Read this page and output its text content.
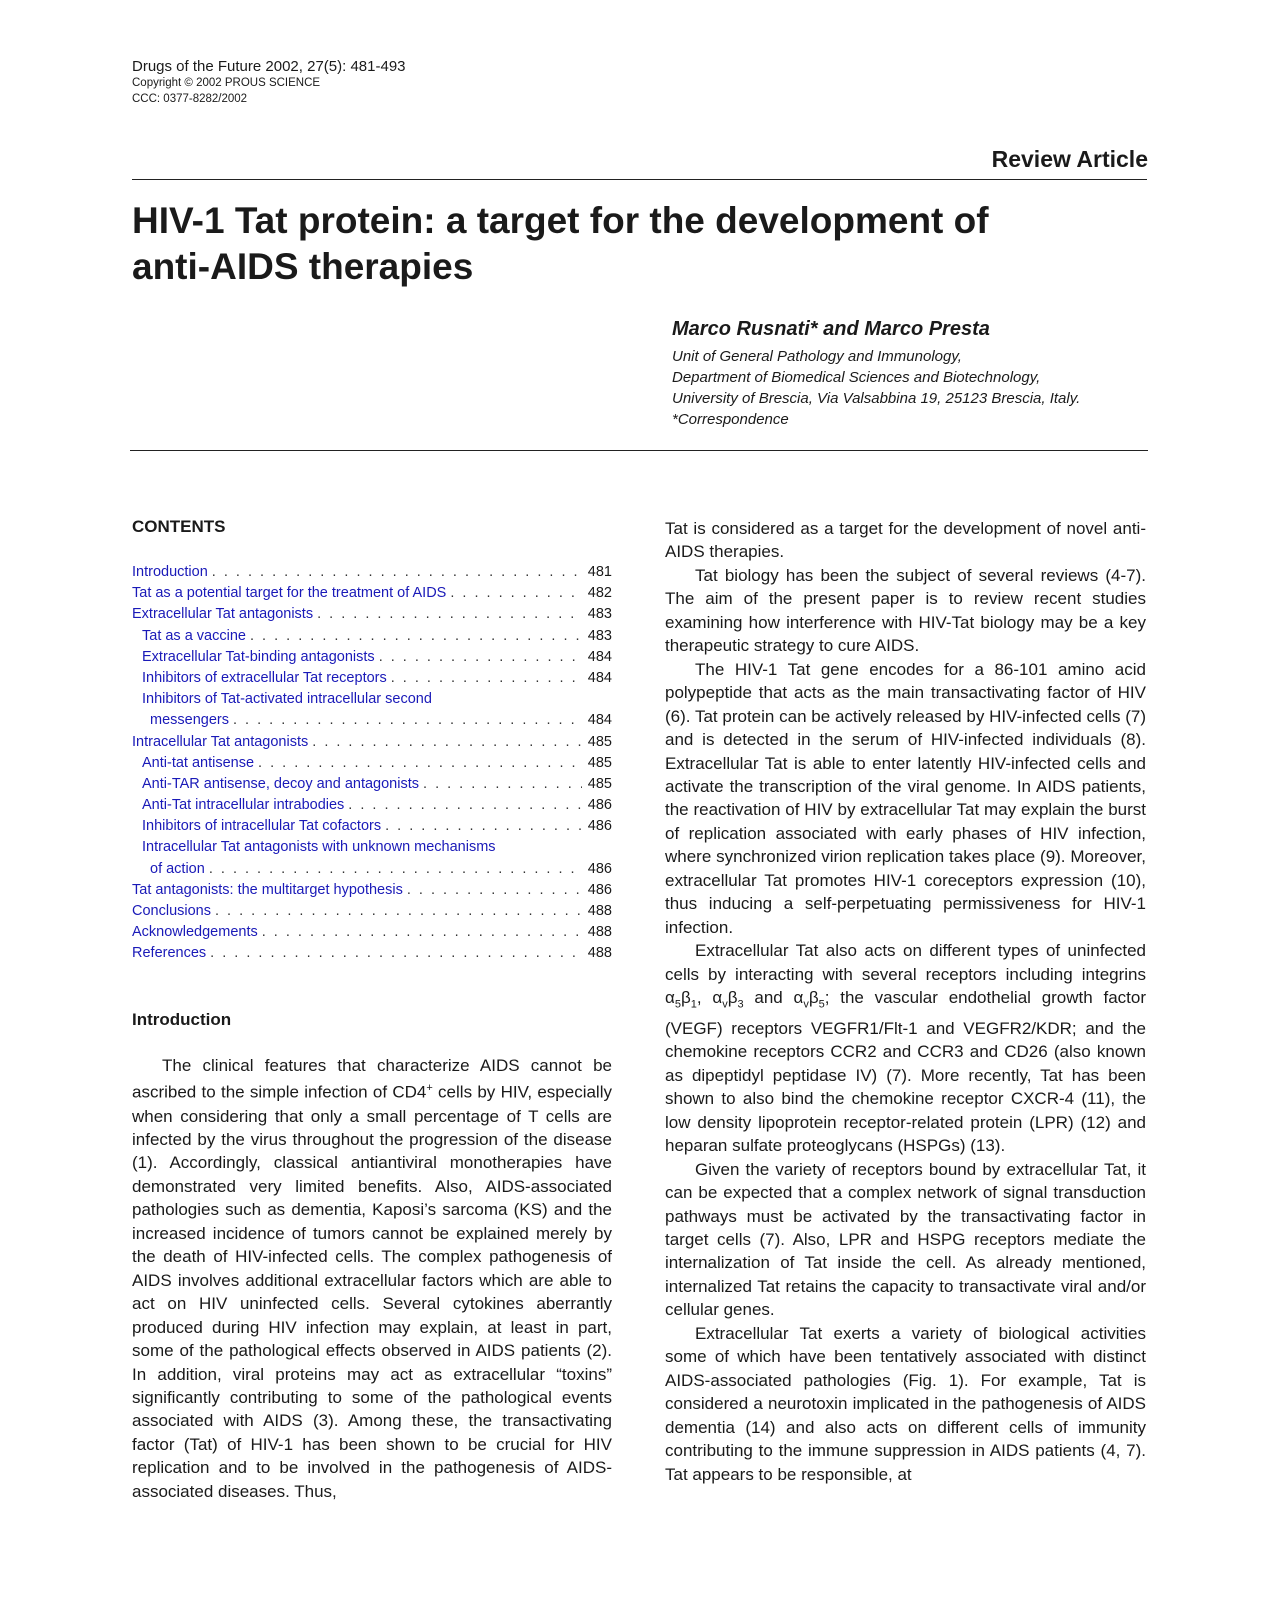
Drugs of the Future 2002, 27(5): 481-493
Copyright © 2002 PROUS SCIENCE
CCC: 0377-8282/2002
Review Article
HIV-1 Tat protein: a target for the development of anti-AIDS therapies
Marco Rusnati* and Marco Presta
Unit of General Pathology and Immunology,
Department of Biomedical Sciences and Biotechnology,
University of Brescia, Via Valsabbina 19, 25123 Brescia, Italy.
*Correspondence
CONTENTS
Introduction . . .	481
Tat as a potential target for the treatment of AIDS . . .	482
Extracellular Tat antagonists . . .	483
Tat as a vaccine . . .	483
Extracellular Tat-binding antagonists . . .	484
Inhibitors of extracellular Tat receptors . . .	484
Inhibitors of Tat-activated intracellular second
messengers . . .	484
Intracellular Tat antagonists . . .	485
Anti-tat antisense . . .	485
Anti-TAR antisense, decoy and antagonists . . .	485
Anti-Tat intracellular intrabodies . . .	486
Inhibitors of intracellular Tat cofactors . . .	486
Intracellular Tat antagonists with unknown mechanisms
of action . . .	486
Tat antagonists: the multitarget hypothesis . . .	486
Conclusions . . .	488
Acknowledgements . . .	488
References . . .	488
Introduction

The clinical features that characterize AIDS cannot be ascribed to the simple infection of CD4+ cells by HIV, especially when considering that only a small percentage of T cells are infected by the virus throughout the progression of the disease (1). Accordingly, classical antiantiviral monotherapies have demonstrated very limited benefits. Also, AIDS-associated pathologies such as dementia, Kaposi’s sarcoma (KS) and the increased incidence of tumors cannot be explained merely by the death of HIV-infected cells. The complex pathogenesis of AIDS involves additional extracellular factors which are able to act on HIV uninfected cells. Several cytokines aberrantly produced during HIV infection may explain, at least in part, some of the pathological effects observed in AIDS patients (2). In addition, viral proteins may act as extracellular “toxins” significantly contributing to some of the pathological events associated with AIDS (3). Among these, the transactivating factor (Tat) of HIV-1 has been shown to be crucial for HIV replication and to be involved in the pathogenesis of AIDS-associated diseases. Thus,

Tat is considered as a target for the development of novel anti-AIDS therapies.

Tat biology has been the subject of several reviews (4-7). The aim of the present paper is to review recent studies examining how interference with HIV-Tat biology may be a key therapeutic strategy to cure AIDS.

The HIV-1 Tat gene encodes for a 86-101 amino acid polypeptide that acts as the main transactivating factor of HIV (6). Tat protein can be actively released by HIV-infected cells (7) and is detected in the serum of HIV-infected individuals (8). Extracellular Tat is able to enter latently HIV-infected cells and activate the transcription of the viral genome. In AIDS patients, the reactivation of HIV by extracellular Tat may explain the burst of replication associated with early phases of HIV infection, where synchronized virion replication takes place (9). Moreover, extracellular Tat promotes HIV-1 coreceptors expression (10), thus inducing a self-perpetuating permissiveness for HIV-1 infection.

Extracellular Tat also acts on different types of uninfected cells by interacting with several receptors including integrins $\alpha_5\beta_1$, $\alpha_v\beta_3$ and $\alpha_v\beta_5$; the vascular endothelial growth factor (VEGF) receptors VEGFR1/Flt-1 and VEGFR2/KDR; and the chemokine receptors CCR2 and CCR3 and CD26 (also known as dipeptidyl peptidase IV) (7). More recently, Tat has been shown to also bind the chemokine receptor CXCR-4 (11), the low density lipoprotein receptor-related protein (LPR) (12) and heparan sulfate proteoglycans (HSPGs) (13).

Given the variety of receptors bound by extracellular Tat, it can be expected that a complex network of signal transduction pathways must be activated by the transactivating factor in target cells (7). Also, LPR and HSPG receptors mediate the internalization of Tat inside the cell. As already mentioned, internalized Tat retains the capacity to transactivate viral and/or cellular genes.

Extracellular Tat exerts a variety of biological activities some of which have been tentatively associated with distinct AIDS-associated pathologies (Fig. 1). For example, Tat is considered a neurotoxin implicated in the pathogenesis of AIDS dementia (14) and also acts on different cells of immunity contributing to the immune suppression in AIDS patients (4, 7). Tat appears to be responsible, at
